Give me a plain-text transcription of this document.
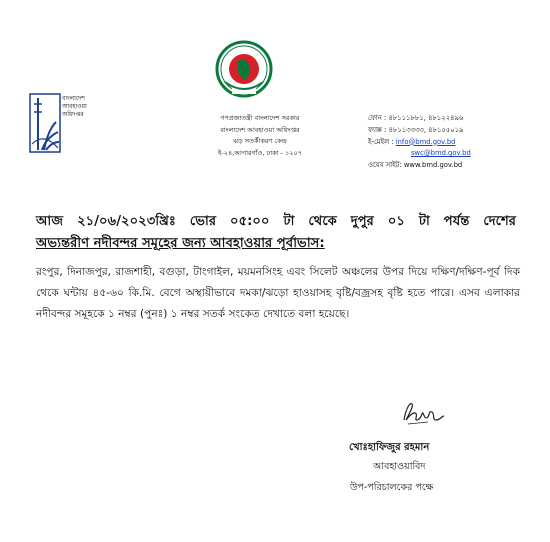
বাংলাদেশ
আবহাওয়া
অধিদপ্তর	গণপ্রজাতন্ত্রী বাংলাদেশ সরকার
বাংলাদেশ আবহাওয়া অধিদপ্তর
ঝড় সতর্কীকরণ কেন্দ্র
ই-২৪,আগারগাঁও, ঢাকা - ১২০৭
ফোন : ৪৮১১১৮৮১, ৪৮১২২৪৯৬
ফ্যাক্স : ৪৮১১৩৩৩৩, ৪৮১৫৫০১৯
ই-মেইল : info@bmd.gov.bd
swc@bmd.gov.bd
ওয়েব সাইট: www.bmd.gov.bd
আজ ২১/০৬/২০২৩খ্রিঃ ভোর ০৫:০০ টা থেকে দুপুর ০১ টা পর্যন্ত দেশের
অভ্যন্তরীণ নদীবন্দর সমূহের জন্য আবহাওয়ার পূর্বাভাস:
রংপুর, দিনাজপুর, রাজশাহী, বগুড়া, টাংগাইল, ময়মনসিংহ এবং সিলেট অঞ্চলের উপর দিয়ে দক্ষিণ/দক্ষিণ-পূর্ব দিক থেকে ঘন্টায় ৪৫-৬০ কি.মি. বেগে অস্থায়ীভাবে দমকা/ঝড়ো হাওয়াসহ বৃষ্টি/বজ্রসহ বৃষ্টি হতে পারে। এসব এলাকার নদীবন্দর সমূহকে ১ নম্বর (পুনঃ) ১ নম্বর সতর্ক সংকেত দেখাতে বলা হয়েছে।
খোঃহাফিজুর রহমান
আবহাওয়াবিদ
উপ-পরিচালকের পক্ষে
